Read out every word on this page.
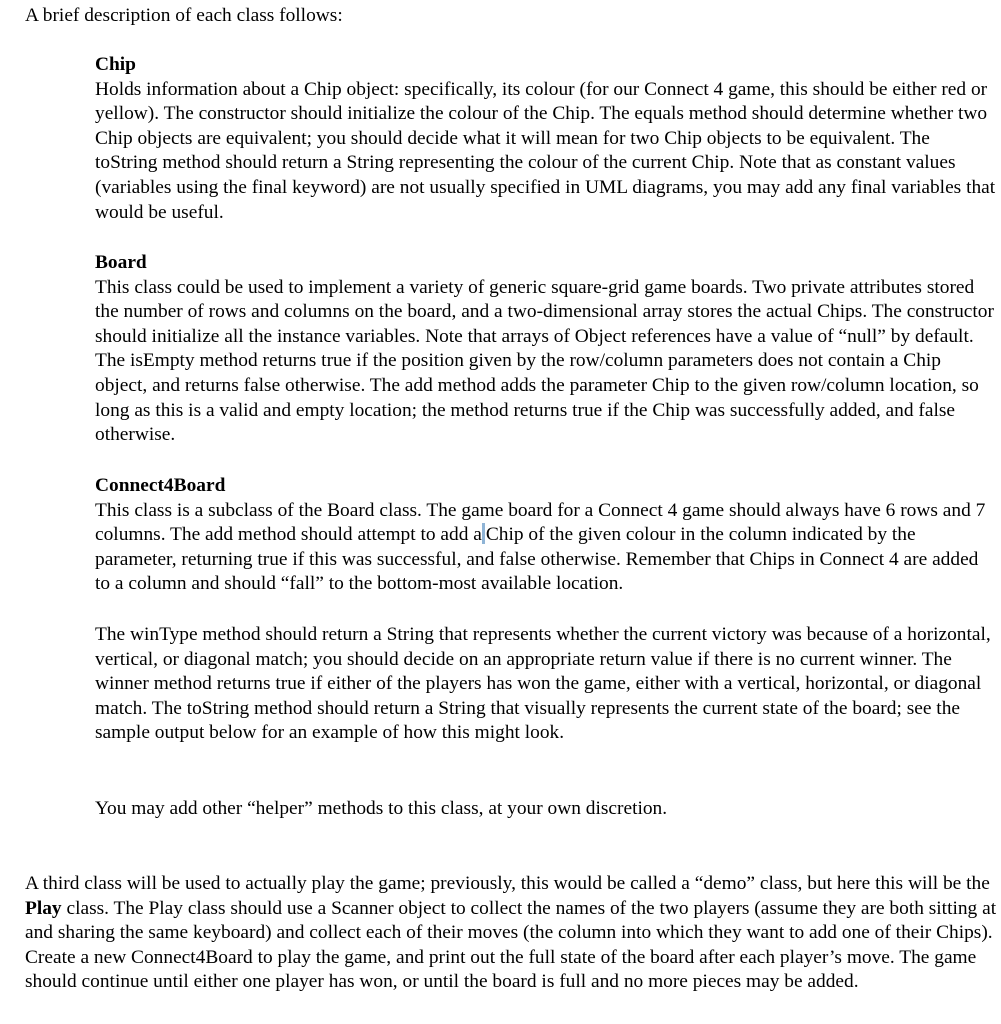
A brief description of each class follows:

Chip

Holds information about a Chip object: specifically, its colour (for our Connect 4 game, this should be either red or yellow). The constructor should initialize the colour of the Chip. The equals method should determine whether two Chip objects are equivalent; you should decide what it will mean for two Chip objects to be equivalent. The toString method should return a String representing the colour of the current Chip. Note that as constant values (variables using the final keyword) are not usually specified in UML diagrams, you may add any final variables that would be useful.

Board

This class could be used to implement a variety of generic square-grid game boards. Two private attributes stored the number of rows and columns on the board, and a two-dimensional array stores the actual Chips. The constructor should initialize all the instance variables. Note that arrays of Object references have a value of “null” by default. The isEmpty method returns true if the position given by the row/column parameters does not contain a Chip object, and returns false otherwise. The add method adds the parameter Chip to the given row/column location, so long as this is a valid and empty location; the method returns true if the Chip was successfully added, and false otherwise.

Connect4Board

This class is a subclass of the Board class. The game board for a Connect 4 game should always have 6 rows and 7 columns. The add method should attempt to add a Chip of the given colour in the column indicated by the parameter, returning true if this was successful, and false otherwise. Remember that Chips in Connect 4 are added to a column and should “fall” to the bottom-most available location.

The winType method should return a String that represents whether the current victory was because of a horizontal, vertical, or diagonal match; you should decide on an appropriate return value if there is no current winner. The winner method returns true if either of the players has won the game, either with a vertical, horizontal, or diagonal match. The toString method should return a String that visually represents the current state of the board; see the sample output below for an example of how this might look.

You may add other “helper” methods to this class, at your own discretion.

A third class will be used to actually play the game; previously, this would be called a “demo” class, but here this will be the Play class. The Play class should use a Scanner object to collect the names of the two players (assume they are both sitting at and sharing the same keyboard) and collect each of their moves (the column into which they want to add one of their Chips). Create a new Connect4Board to play the game, and print out the full state of the board after each player’s move. The game should continue until either one player has won, or until the board is full and no more pieces may be added.
